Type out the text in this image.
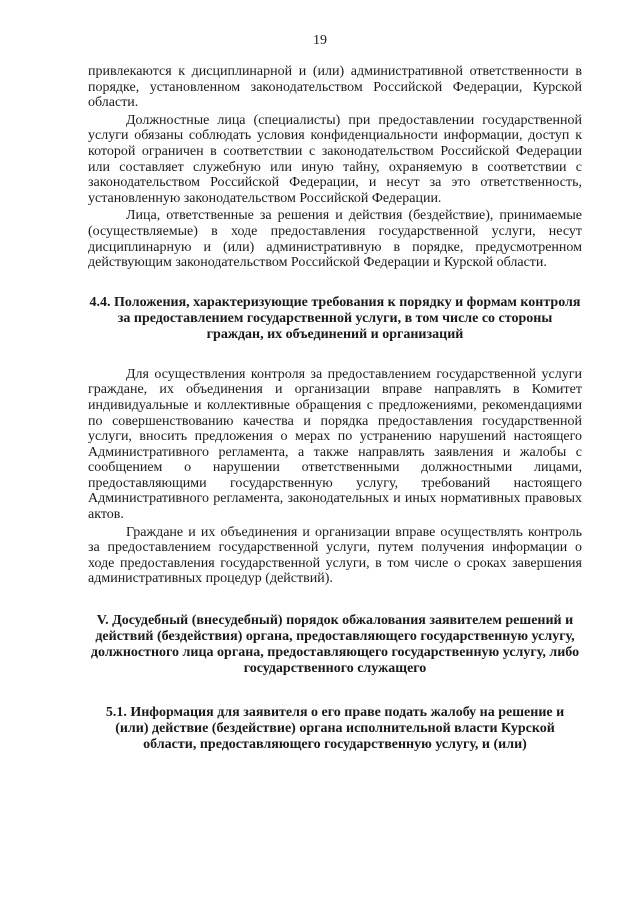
19

привлекаются к дисциплинарной и (или) административной ответственности в порядке, установленном законодательством Российской Федерации, Курской области.

Должностные лица (специалисты) при предоставлении государственной услуги обязаны соблюдать условия конфиденциальности информации, доступ к которой ограничен в соответствии с законодательством Российской Федерации или составляет служебную или иную тайну, охраняемую в соответствии с законодательством Российской Федерации, и несут за это ответственность, установленную законодательством Российской Федерации.

Лица, ответственные за решения и действия (бездействие), принимаемые (осуществляемые) в ходе предоставления государственной услуги, несут дисциплинарную и (или) административную в порядке, предусмотренном действующим законодательством Российской Федерации и Курской области.

4.4. Положения, характеризующие требования к порядку и формам контроля за предоставлением государственной услуги, в том числе со стороны граждан, их объединений и организаций

Для осуществления контроля за предоставлением государственной услуги граждане, их объединения и организации вправе направлять в Комитет индивидуальные и коллективные обращения с предложениями, рекомендациями по совершенствованию качества и порядка предоставления государственной услуги, вносить предложения о мерах по устранению нарушений настоящего Административного регламента, а также направлять заявления и жалобы с сообщением о нарушении ответственными должностными лицами, предоставляющими государственную услугу, требований настоящего Административного регламента, законодательных и иных нормативных правовых актов.

Граждане и их объединения и организации вправе осуществлять контроль за предоставлением государственной услуги, путем получения информации о ходе предоставления государственной услуги, в том числе о сроках завершения административных процедур (действий).

V. Досудебный (внесудебный) порядок обжалования заявителем решений и действий (бездействия) органа, предоставляющего государственную услугу, должностного лица органа, предоставляющего государственную услугу, либо государственного служащего

5.1. Информация для заявителя о его праве подать жалобу на решение и (или) действие (бездействие) органа исполнительной власти Курской области, предоставляющего государственную услугу, и (или)
